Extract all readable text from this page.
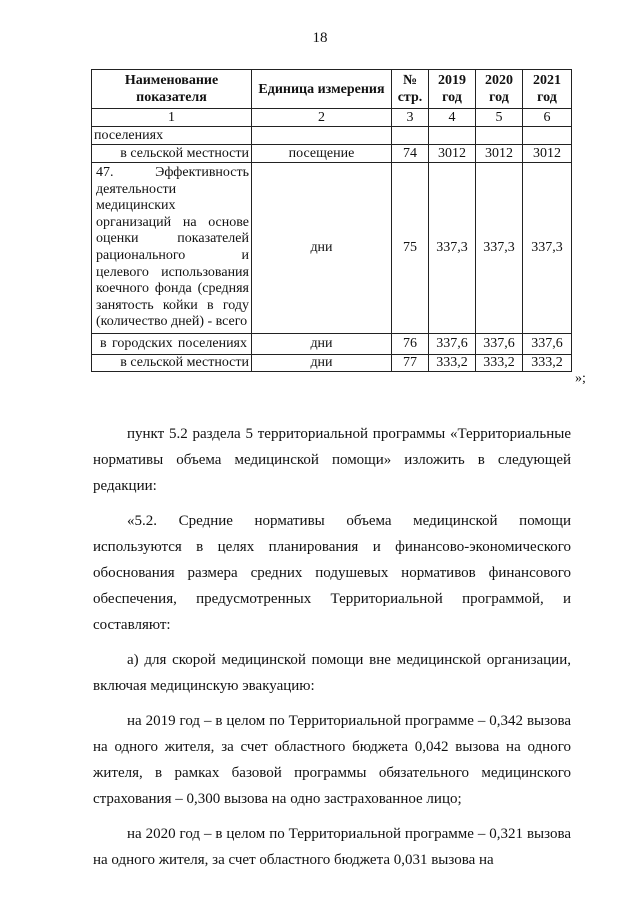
18
Наименование показателя	Единица измерения	№ стр.	2019 год	2020 год	2021 год
1	2	3	4	5	6
поселениях					
в сельской местности	посещение	74	3012	3012	3012
47. Эффективность деятельности медицинских организаций на основе оценки показателей рационального и целевого использования коечного фонда (средняя занятость койки в году (количество дней) - всего	дни	75	337,3	337,3	337,3
в городских поселениях	дни	76	337,6	337,6	337,6
в сельской местности	дни	77	333,2	333,2	333,2
»;

пункт 5.2 раздела 5 территориальной программы «Территориальные нормативы объема медицинской помощи» изложить в следующей редакции:

«5.2. Средние нормативы объема медицинской помощи используются в целях планирования и финансово-экономического обоснования размера средних подушевых нормативов финансового обеспечения, предусмотренных Территориальной программой, и составляют:

а) для скорой медицинской помощи вне медицинской организации, включая медицинскую эвакуацию:

на 2019 год – в целом по Территориальной программе – 0,342 вызова на одного жителя, за счет областного бюджета 0,042 вызова на одного жителя, в рамках базовой программы обязательного медицинского страхования – 0,300 вызова на одно застрахованное лицо;

на 2020 год – в целом по Территориальной программе – 0,321 вызова на одного жителя, за счет областного бюджета 0,031 вызова на
